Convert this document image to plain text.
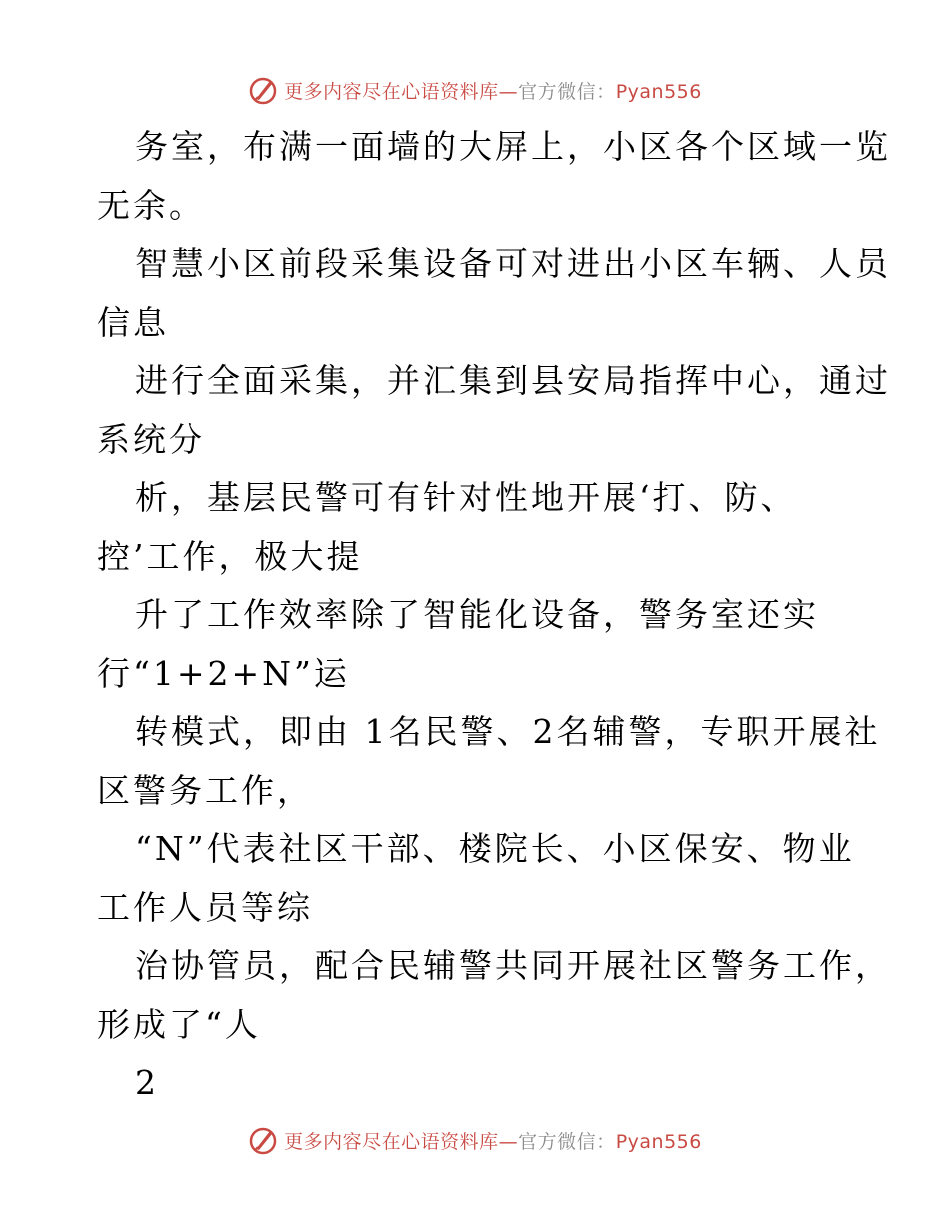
更多内容尽在心语资料库—官方微信：Pyan556
务室，布满一面墙的大屏上，小区各个区域一览
无余。
智慧小区前段采集设备可对进出小区车辆、人员
信息
进行全面采集，并汇集到县安局指挥中心，通过
系统分
析，基层民警可有针对性地开展‘打、防、
控’工作，极大提
升了工作效率除了智能化设备，警务室还实
行“1+2+N”运
转模式，即由 1名民警、2名辅警，专职开展社
区警务工作，
“N”代表社区干部、楼院长、小区保安、物业
工作人员等综
治协管员，配合民辅警共同开展社区警务工作，
形成了“人
2
更多内容尽在心语资料库—官方微信：Pyan556
